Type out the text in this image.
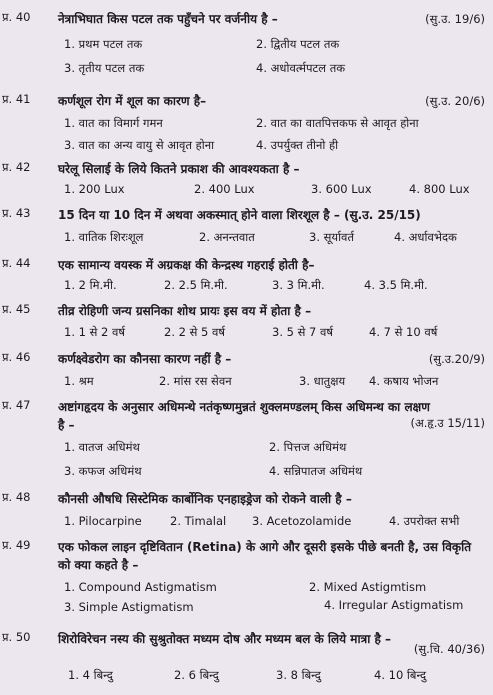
प्र. 40	(सु.उ. 19/6)
नेत्राभिघात किस पटल तक पहुँचने पर वर्जनीय है –
1. प्रथम पटल तक	2. द्वितीय पटल तक
3. तृतीय पटल तक	4. अधोवर्त्मपटल तक
प्र. 41	(सु.उ. 20/6)
कर्णशूल रोग में शूल का कारण है–
1. वात का विमार्ग गमन	2. वात का वातपित्तकफ से आवृत होना
3. वात का अन्य वायु से आवृत होना	4. उपर्युक्त तीनो ही
प्र. 42 घरेलू सिलाई के लिये कितने प्रकाश की आवश्यकता है –
1. 200 Lux	2. 400 Lux	3. 600 Lux	4. 800 Lux
प्र. 43 15 दिन या 10 दिन में अथवा अकस्मात् होने वाला शिरशूल है – (सु.उ. 25/15)
1. वातिक शिरःशूल	2. अनन्तवात	3. सूर्यावर्त	4. अर्धावभेदक
प्र. 44 एक सामान्य वयस्क में अग्रकक्ष की केन्द्रस्थ गहराई होती है–
1. 2 मि.मी.	2. 2.5 मि.मी.	3. 3 मि.मी.	4. 3.5 मि.मी.
प्र. 45 तीव्र रोहिणी जन्य ग्रसनिका शोथ प्रायः इस वय में होता है –
1. 1 से 2 वर्ष	2. 2 से 5 वर्ष	3. 5 से 7 वर्ष	4. 7 से 10 वर्ष
प्र. 46	(सु.उ.20/9)
कर्णक्ष्वेडरोग का कौनसा कारण नहीं है –
1. श्रम	2. मांस रस सेवन	3. धातुक्षय 4. कषाय भोजन
प्र. 47 अष्टांगहृदय के अनुसार अधिमन्थे नतंकृष्णमुन्नतं शुक्लमण्डलम् किस अधिमन्थ का लक्षण है –	(अ.हृ.उ 15/11)
1. वातज अधिमंथ	2. पित्तज अधिमंथ
3. कफज अधिमंथ	4. सन्निपातज अधिमंथ
प्र. 48 कौनसी औषधि सिस्टेमिक कार्बोनिक एनहाइड्रेज को रोकने वाली है –
1. Pilocarpine 2. Timalal 3. Acetozolamide	4. उपरोक्त सभी
प्र. 49 एक फोकल लाइन दृष्टिवितान (Retina) के आगे और दूसरी इसके पीछे बनती है, उस विकृति को क्या कहते है –
1. Compound Astigmatism	2. Mixed Astigmtism
3. Simple Astigmatism	4. Irregular Astigmatism
प्र. 50 शिरोविरेचन नस्य की सुश्रुतोक्त मध्यम दोष और मध्यम बल के लिये मात्रा है –
(सु.चि. 40/36)
1. 4 बिन्दु	2. 6 बिन्दु	3. 8 बिन्दु	4. 10 बिन्दु
